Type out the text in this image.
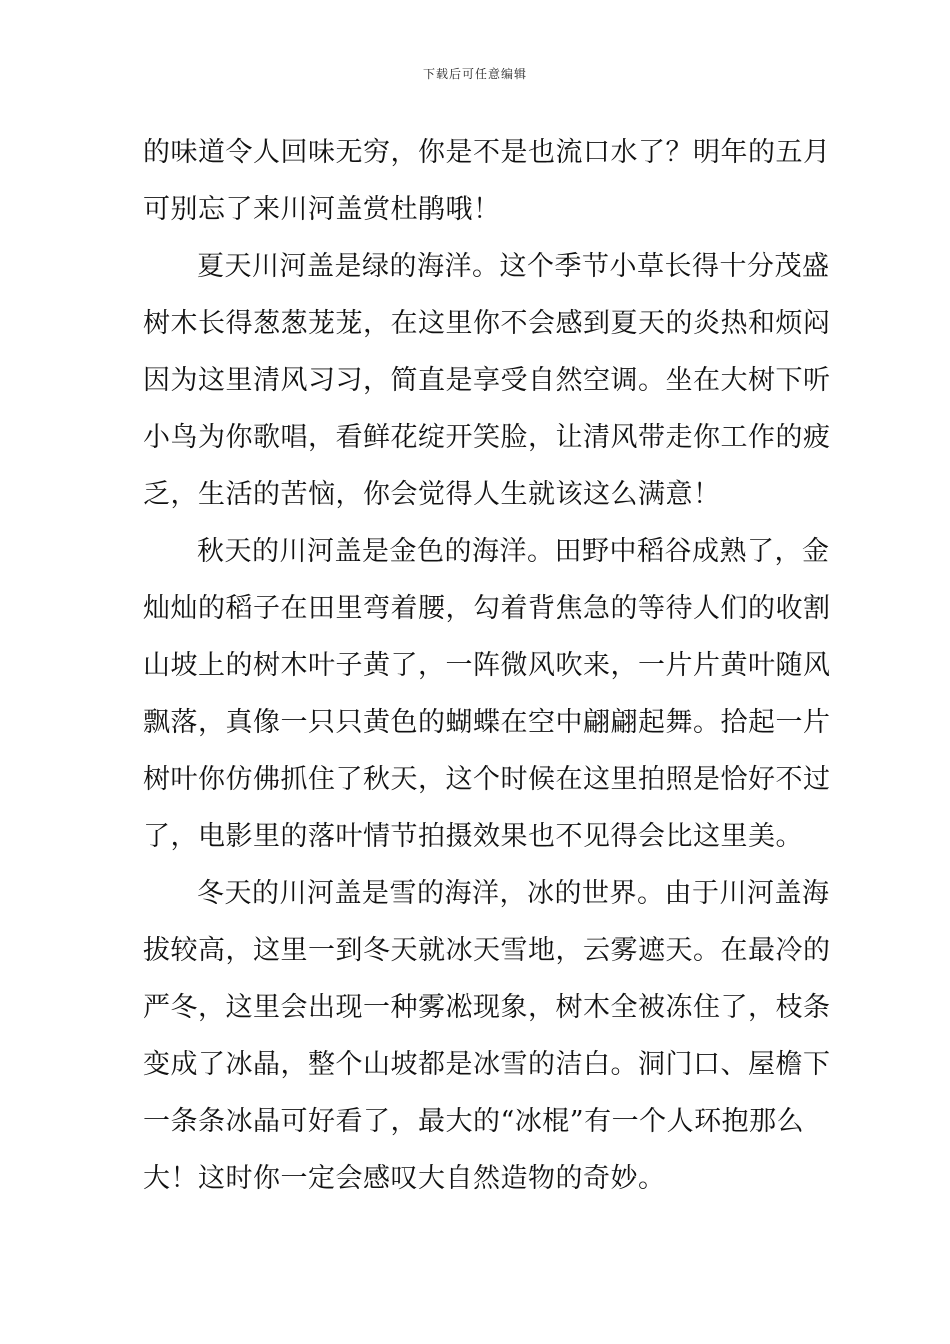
下载后可任意编辑
的味道令人回味无穷，你是不是也流口水了？明年的五月
可别忘了来川河盖赏杜鹃哦！
夏天川河盖是绿的海洋。这个季节小草长得十分茂盛
树木长得葱葱茏茏，在这里你不会感到夏天的炎热和烦闷
因为这里清风习习，简直是享受自然空调。坐在大树下听
小鸟为你歌唱，看鲜花绽开笑脸，让清风带走你工作的疲
乏，生活的苦恼，你会觉得人生就该这么满意！
秋天的川河盖是金色的海洋。田野中稻谷成熟了，金
灿灿的稻子在田里弯着腰，勾着背焦急的等待人们的收割
山坡上的树木叶子黄了，一阵微风吹来，一片片黄叶随风
飘落，真像一只只黄色的蝴蝶在空中翩翩起舞。拾起一片
树叶你仿佛抓住了秋天，这个时候在这里拍照是恰好不过
了，电影里的落叶情节拍摄效果也不见得会比这里美。
冬天的川河盖是雪的海洋，冰的世界。由于川河盖海
拔较高，这里一到冬天就冰天雪地，云雾遮天。在最冷的
严冬，这里会出现一种雾凇现象，树木全被冻住了，枝条
变成了冰晶，整个山坡都是冰雪的洁白。洞门口、屋檐下
一条条冰晶可好看了，最大的“冰棍”有一个人环抱那么
大！这时你一定会感叹大自然造物的奇妙。
